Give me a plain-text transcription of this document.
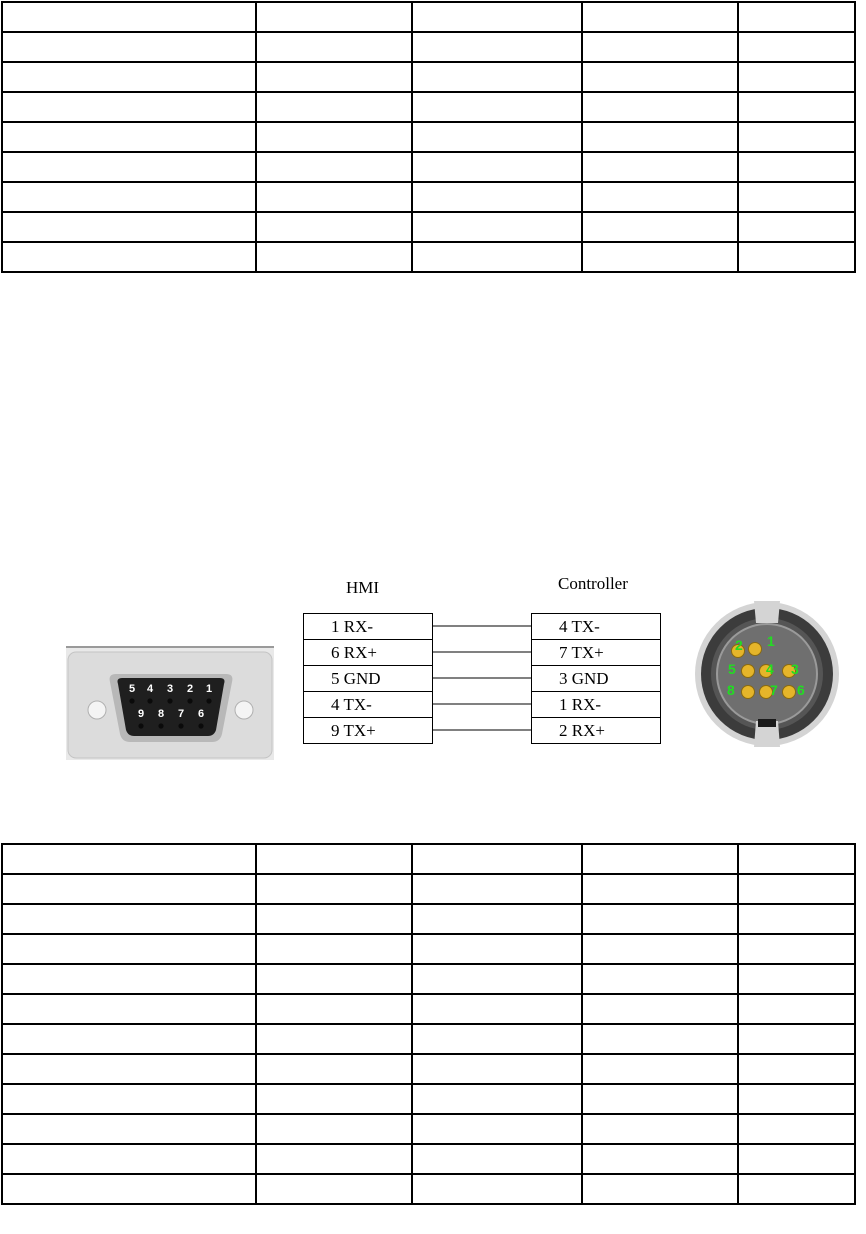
HMI	Controller
5 4 3 2 1
9 8 7 6
1 RX-
6 RX+
5 GND
4 TX-
9 TX+
4 TX-
7 TX+
3 GND
1 RX-
2 RX+
2 1
5 4 3
8	7 6
